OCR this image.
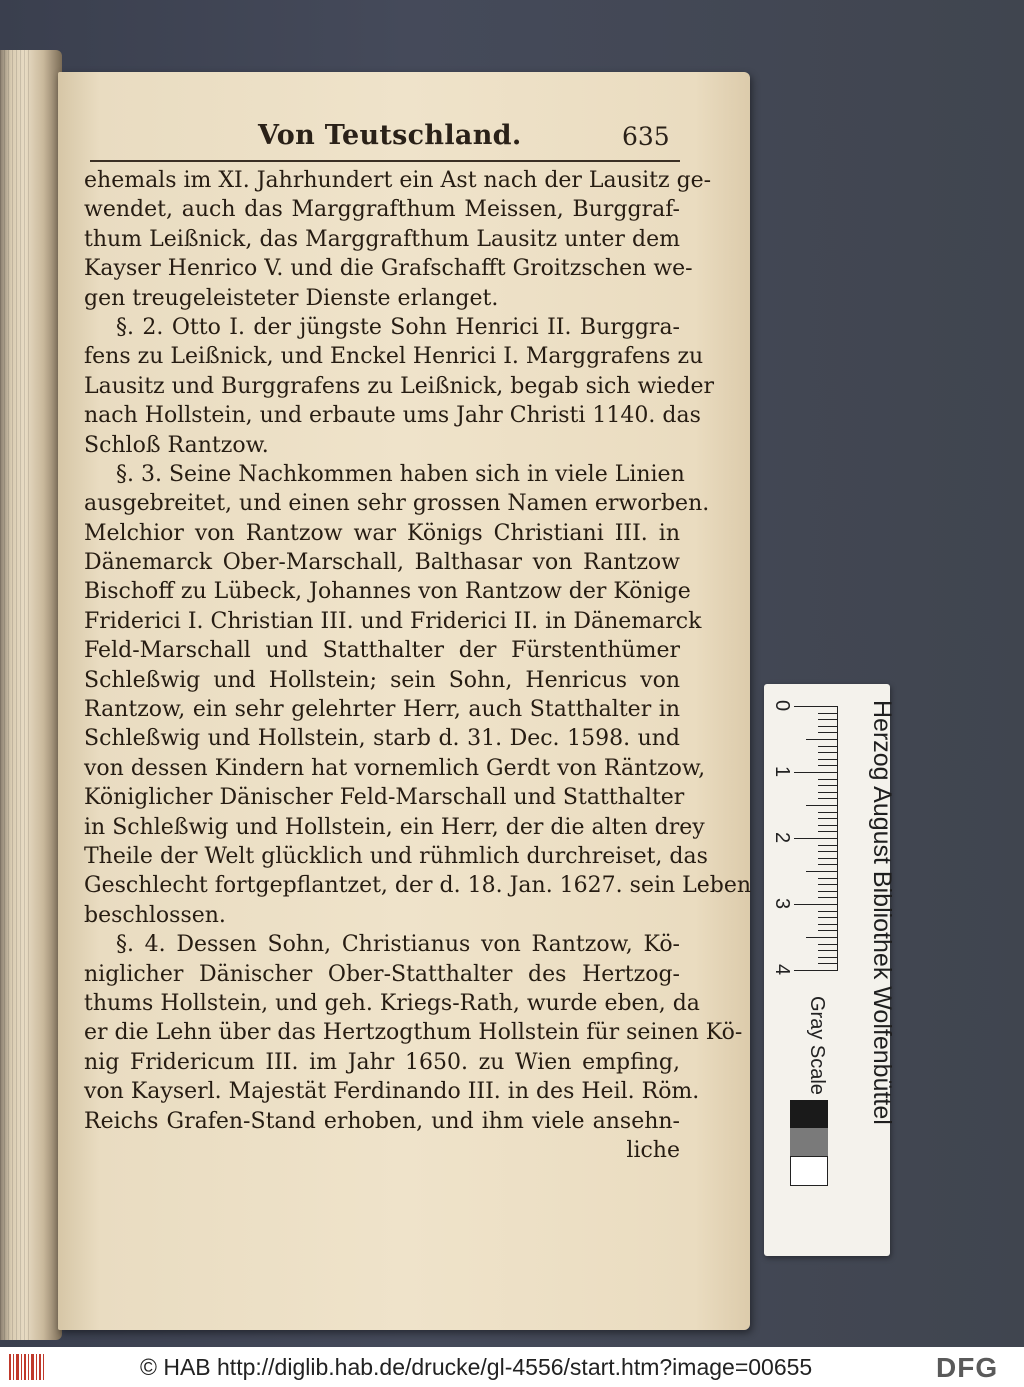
Von Teutschland.	635
ehemals im XI. Jahrhundert ein Ast nach der Lausitz ge-
wendet, auch das Marggrafthum Meissen, Burggraf-
thum Leißnick, das Marggrafthum Lausitz unter dem
Kayser Henrico V. und die Grafschafft Groitzschen we-
gen treugeleisteter Dienste erlanget.
§. 2. Otto I. der jüngste Sohn Henrici II. Burggra-
fens zu Leißnick, und Enckel Henrici I. Marggrafens zu
Lausitz und Burggrafens zu Leißnick, begab sich wieder
nach Hollstein, und erbaute ums Jahr Christi 1140. das
Schloß Rantzow.
§. 3. Seine Nachkommen haben sich in viele Linien
ausgebreitet, und einen sehr grossen Namen erworben.
Melchior von Rantzow war Königs Christiani III. in
Dänemarck Ober-Marschall, Balthasar von Rantzow
Bischoff zu Lübeck, Johannes von Rantzow der Könige
Friderici I. Christian III. und Friderici II. in Dänemarck
Feld-Marschall und Statthalter der Fürstenthümer
Schleßwig und Hollstein; sein Sohn, Henricus von
Rantzow, ein sehr gelehrter Herr, auch Statthalter in
Schleßwig und Hollstein, starb d. 31. Dec. 1598. und
von dessen Kindern hat vornemlich Gerdt von Räntzow,
Königlicher Dänischer Feld-Marschall und Statthalter
in Schleßwig und Hollstein, ein Herr, der die alten drey
Theile der Welt glücklich und rühmlich durchreiset, das
Geschlecht fortgepflantzet, der d. 18. Jan. 1627. sein Leben
beschlossen.
§. 4. Dessen Sohn, Christianus von Rantzow, Kö-
niglicher Dänischer Ober-Statthalter des Hertzog-
thums Hollstein, und geh. Kriegs-Rath, wurde eben, da
er die Lehn über das Hertzogthum Hollstein für seinen Kö-
nig Fridericum III. im Jahr 1650. zu Wien empfing,
von Kayserl. Majestät Ferdinando III. in des Heil. Röm.
Reichs Grafen-Stand erhoben, und ihm viele ansehn-
liche
Herzog August Bibliothek Wolfenbüttel
0
1
2
3
4
Gray Scale
© HAB http://diglib.hab.de/drucke/gl-4556/start.htm?image=00655	DFG
